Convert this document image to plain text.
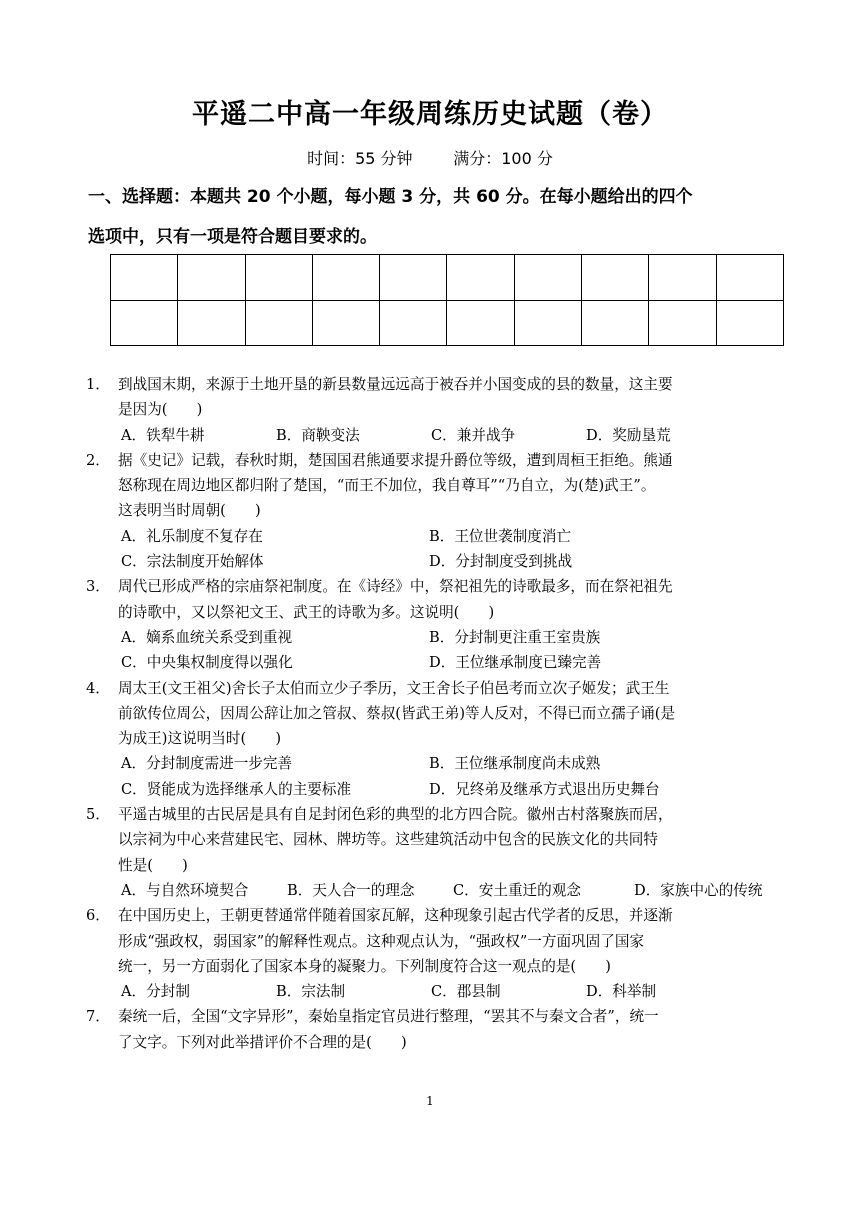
平遥二中高一年级周练历史试题（卷）
时间：55 分钟        满分：100 分
一、选择题：本题共 20 个小题，每小题 3 分，共 60 分。在每小题给出的四个
选项中，只有一项是符合题目要求的。

1． 到战国末期，来源于土地开垦的新县数量远远高于被吞并小国变成的县的数量，这主要
是因为(　　)
A．铁犁牛耕	B．商鞅变法	C．兼并战争	D．奖励垦荒
2． 据《史记》记载，春秋时期，楚国国君熊通要求提升爵位等级，遭到周桓王拒绝。熊通
怒称现在周边地区都归附了楚国，“而王不加位，我自尊耳”“乃自立，为(楚)武王”。
这表明当时周朝(　　)
A．礼乐制度不复存在	B．王位世袭制度消亡
C．宗法制度开始解体	D．分封制度受到挑战
3． 周代已形成严格的宗庙祭祀制度。在《诗经》中，祭祀祖先的诗歌最多，而在祭祀祖先
的诗歌中，又以祭祀文王、武王的诗歌为多。这说明(　　)
A．嫡系血统关系受到重视	B．分封制更注重王室贵族
C．中央集权制度得以强化	D．王位继承制度已臻完善
4． 周太王(文王祖父)舍长子太伯而立少子季历，文王舍长子伯邑考而立次子姬发；武王生
前欲传位周公，因周公辞让加之管叔、蔡叔(皆武王弟)等人反对，不得已而立孺子诵(是
为成王)这说明当时(　　)
A．分封制度需进一步完善	B．王位继承制度尚未成熟
C．贤能成为选择继承人的主要标准	D．兄终弟及继承方式退出历史舞台
5． 平遥古城里的古民居是具有自足封闭色彩的典型的北方四合院。徽州古村落聚族而居，
以宗祠为中心来营建民宅、园林、牌坊等。这些建筑活动中包含的民族文化的共同特
性是(　　)
A．与自然环境契合	B．天人合一的理念	C．安土重迁的观念	D．家族中心的传统
6． 在中国历史上，王朝更替通常伴随着国家瓦解，这种现象引起古代学者的反思，并逐渐
形成“强政权，弱国家”的解释性观点。这种观点认为，“强政权”一方面巩固了国家
统一，另一方面弱化了国家本身的凝聚力。下列制度符合这一观点的是(　　)
A．分封制	B．宗法制	C．郡县制	D．科举制
7． 秦统一后，全国“文字异形”，秦始皇指定官员进行整理，“罢其不与秦文合者”，统一
了文字。下列对此举措评价不合理的是(　　)
1
